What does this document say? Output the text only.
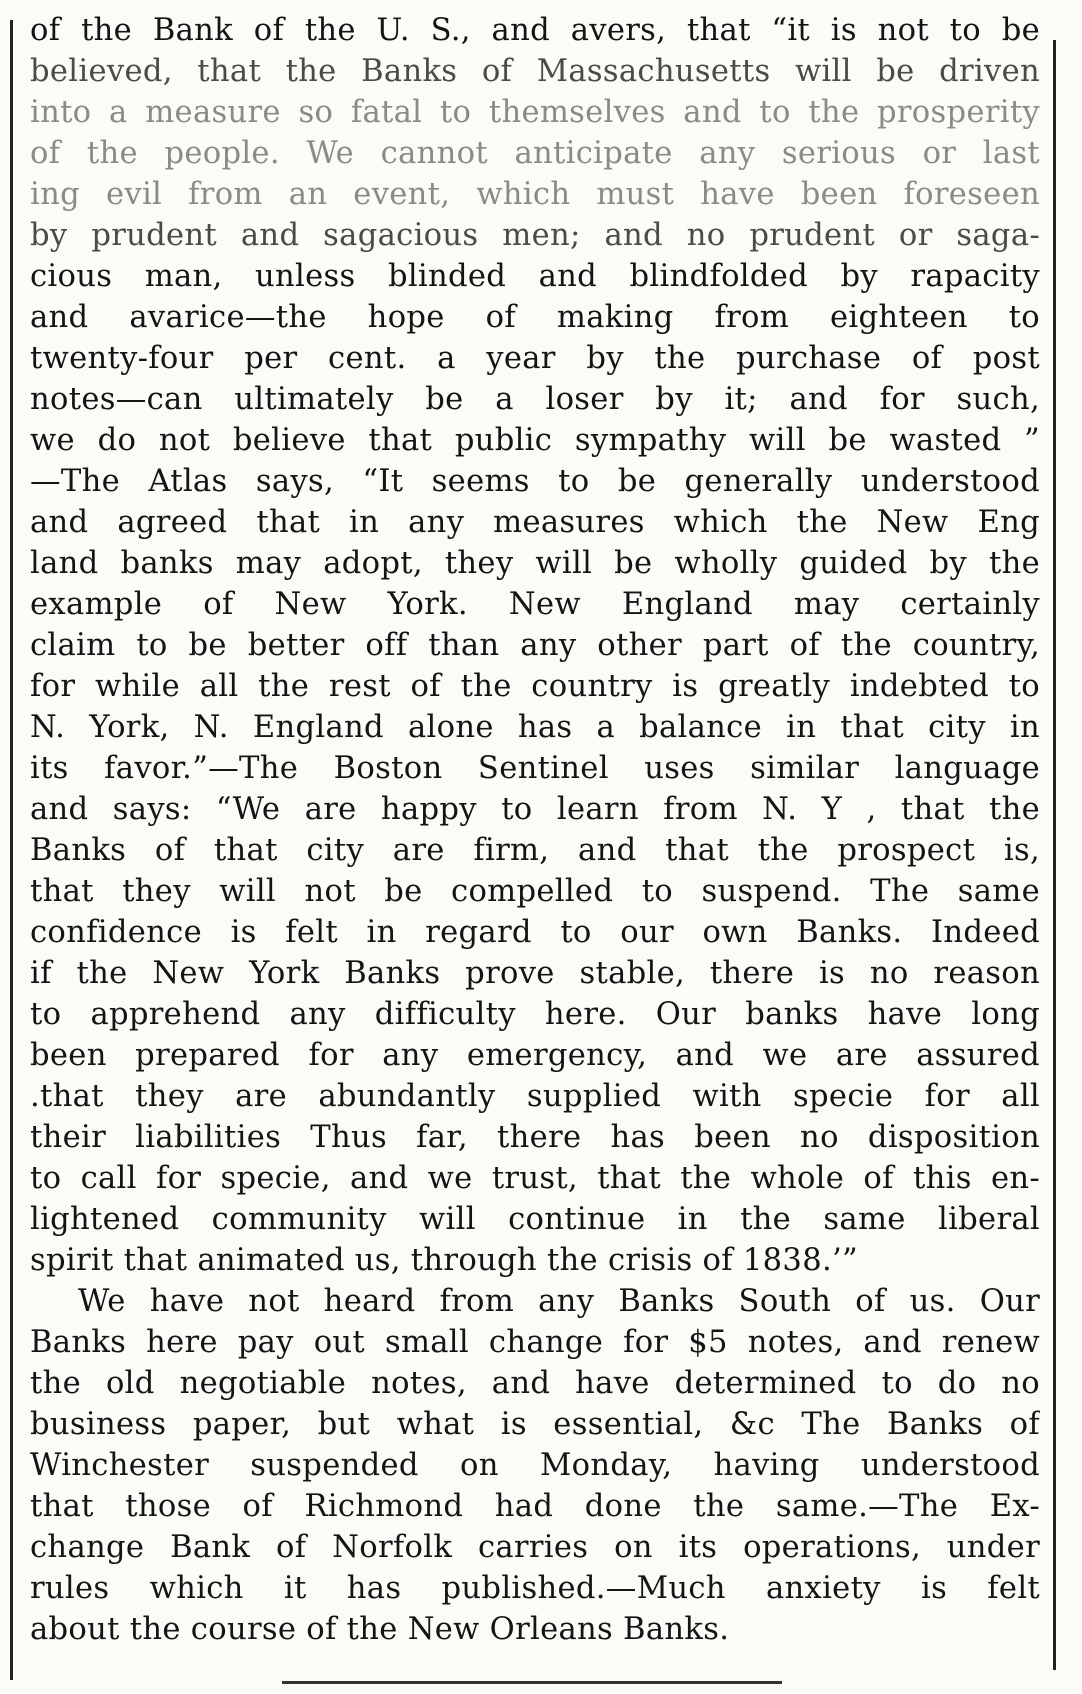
of the Bank of the U. S., and avers, that “it is not to be
believed, that the Banks of Massachusetts will be driven
into a measure so fatal to themselves and to the prosperity
of the people. We cannot anticipate any serious or last
ing evil from an event, which must have been foreseen
by prudent and sagacious men; and no prudent or saga-
cious man, unless blinded and blindfolded by rapacity
and avarice—the hope of making from eighteen to
twenty-four per cent. a year by the purchase of post
notes—can ultimately be a loser by it; and for such,
we do not believe that public sympathy will be wasted ”
—The Atlas says, “It seems to be generally understood
and agreed that in any measures which the New Eng
land banks may adopt, they will be wholly guided by the
example of New York. New England may certainly
claim to be better off than any other part of the country,
for while all the rest of the country is greatly indebted to
N. York, N. England alone has a balance in that city in
its favor.”—The Boston Sentinel uses similar language
and says: “We are happy to learn from N. Y , that the
Banks of that city are firm, and that the prospect is,
that they will not be compelled to suspend. The same
confidence is felt in regard to our own Banks. Indeed
if the New York Banks prove stable, there is no reason
to apprehend any difficulty here. Our banks have long
been prepared for any emergency, and we are assured
.that they are abundantly supplied with specie for all
their liabilities Thus far, there has been no disposition
to call for specie, and we trust, that the whole of this en-
lightened community will continue in the same liberal
spirit that animated us, through the crisis of 1838.’”
We have not heard from any Banks South of us. Our
Banks here pay out small change for $5 notes, and renew
the old negotiable notes, and have determined to do no
business paper, but what is essential, &c The Banks of
Winchester suspended on Monday, having understood
that those of Richmond had done the same.—The Ex-
change Bank of Norfolk carries on its operations, under
rules which it has published.—Much anxiety is felt
about the course of the New Orleans Banks.
